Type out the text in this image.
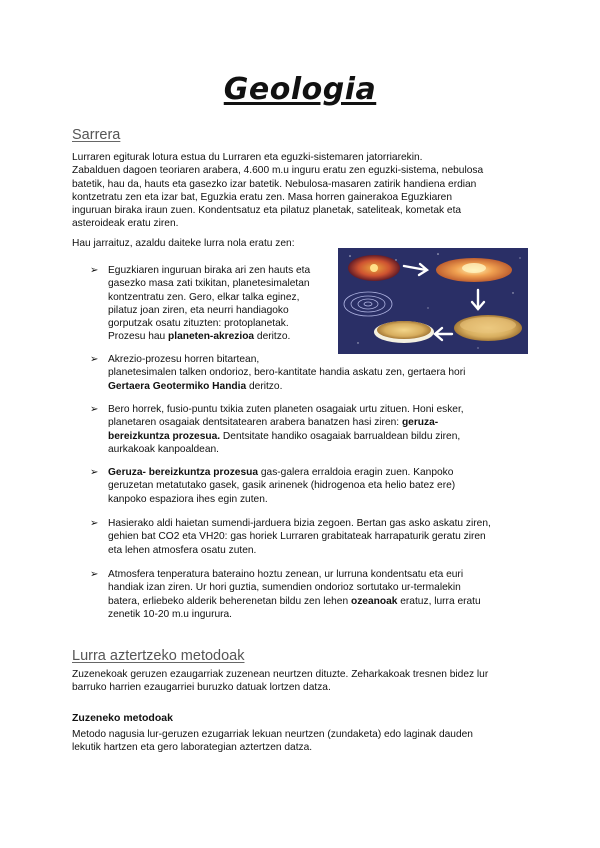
Geologia
Sarrera
Lurraren egiturak lotura estua du Lurraren eta eguzki-sistemaren jatorriarekin.
Zabalduen dagoen teoriaren arabera, 4.600 m.u inguru eratu zen eguzki-sistema, nebulosa
batetik, hau da, hauts eta gasezko izar batetik. Nebulosa-masaren zatirik handiena erdian
kontzetratu zen eta izar bat, Eguzkia eratu zen. Masa horren gainerakoa Eguzkiaren
inguruan biraka iraun zuen. Kondentsatuz eta pilatuz planetak, sateliteak, kometak eta
asteroideak eratu ziren.
Hau jarraituz, azaldu daiteke lurra nola eratu zen:
➢ Eguzkiaren inguruan biraka ari zen hauts eta
gasezko masa zati txikitan, planetesimaletan
kontzentratu zen. Gero, elkar talka eginez,
pilatuz joan ziren, eta neurri handiagoko
gorputzak osatu zituzten: protoplanetak.
Prozesu hau planeten-akrezioa deritzo.
➢ Akrezio-prozesu horren bitartean,
planetesimalen talken ondorioz, bero-kantitate handia askatu zen, gertaera hori
Gertaera Geotermiko Handia deritzo.
➢ Bero horrek, fusio-puntu txikia zuten planeten osagaiak urtu zituen. Honi esker,
planetaren osagaiak dentsitatearen arabera banatzen hasi ziren: geruza-
bereizkuntza prozesua. Dentsitate handiko osagaiak barrualdean bildu ziren,
aurkakoak kanpoaldean.
➢ Geruza- bereizkuntza prozesua gas-galera erraldoia eragin zuen. Kanpoko
geruzetan metatutako gasek, gasik arinenek (hidrogenoa eta helio batez ere)
kanpoko espaziora ihes egin zuten.
➢ Hasierako aldi haietan sumendi-jarduera bizia zegoen. Bertan gas asko askatu ziren,
gehien bat CO2 eta VH20: gas horiek Lurraren grabitateak harrapaturik geratu ziren
eta lehen atmosfera osatu zuten.
➢ Atmosfera tenperatura bateraino hoztu zenean, ur lurruna kondentsatu eta euri
handiak izan ziren. Ur hori guztia, sumendien ondorioz sortutako ur-termalekin
batera, erliebeko alderik beherenetan bildu zen lehen ozeanoak eratuz, lurra eratu
zenetik 10-20 m.u ingurura.
Lurra aztertzeko metodoak
Zuzenekoak geruzen ezaugarriak zuzenean neurtzen dituzte. Zeharkakoak tresnen bidez lur
barruko harrien ezaugarriei buruzko datuak lortzen datza.
Zuzeneko metodoak
Metodo nagusia lur-geruzen ezugarriak lekuan neurtzen (zundaketa) edo laginak dauden
lekutik hartzen eta gero laborategian aztertzen datza.
